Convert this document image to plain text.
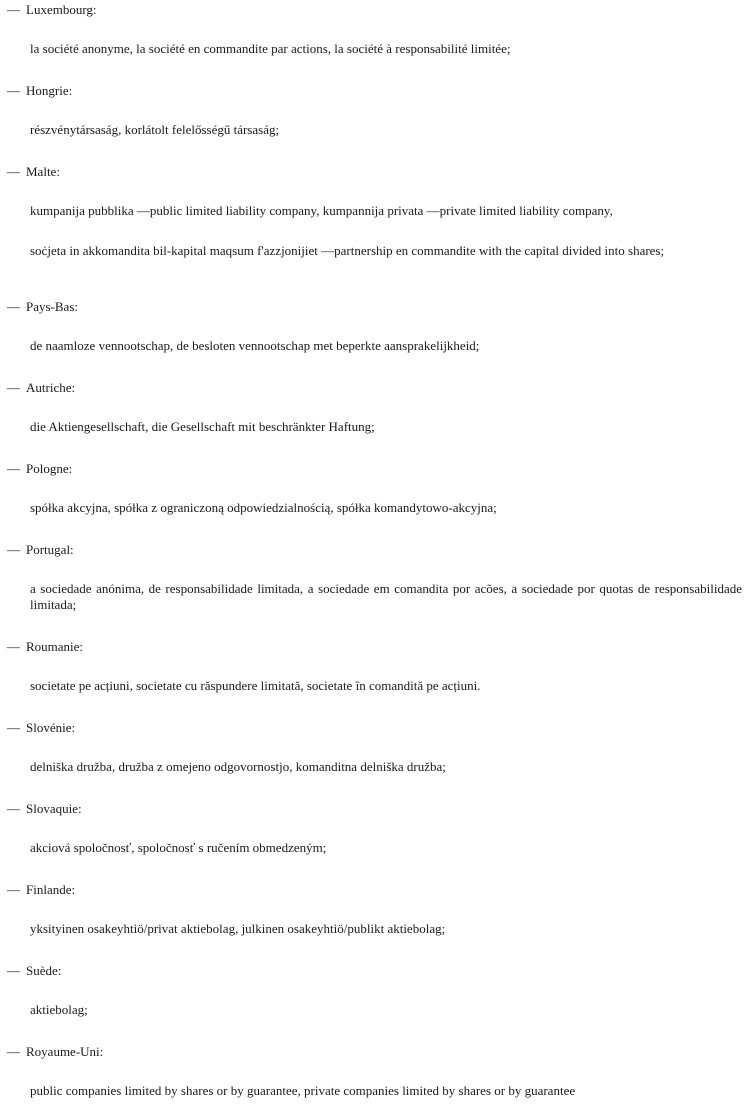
— Luxembourg:

la société anonyme, la société en commandite par actions, la société à responsabilité limitée;

— Hongrie:

részvénytársaság, korlátolt felelősségű társaság;

— Malte:

kumpanija pubblika —public limited liability company, kumpannija privata —private limited liability company,

soċjeta in akkomandita bil-kapital maqsum f'azzjonijiet —partnership en commandite with the capital divided into shares;

— Pays-Bas:

de naamloze vennootschap, de besloten vennootschap met beperkte aansprakelijkheid;

— Autriche:

die Aktiengesellschaft, die Gesellschaft mit beschränkter Haftung;

— Pologne:

spółka akcyjna, spółka z ograniczoną odpowiedzialnością, spółka komandytowo-akcyjna;

— Portugal:

a sociedade anónima, de responsabilidade limitada, a sociedade em comandita por acões, a sociedade por quotas de responsabilidade limitada;

— Roumanie:

societate pe acțiuni, societate cu răspundere limitată, societate în comandită pe acțiuni.

— Slovénie:

delniška družba, družba z omejeno odgovornostjo, komanditna delniška družba;

— Slovaquie:

akciová spoločnosť, spoločnosť s ručením obmedzeným;

— Finlande:

yksityinen osakeyhtiö/privat aktiebolag, julkinen osakeyhtiö/publikt aktiebolag;

— Suède:

aktiebolag;

— Royaume-Uni:

public companies limited by shares or by guarantee, private companies limited by shares or by guarantee
